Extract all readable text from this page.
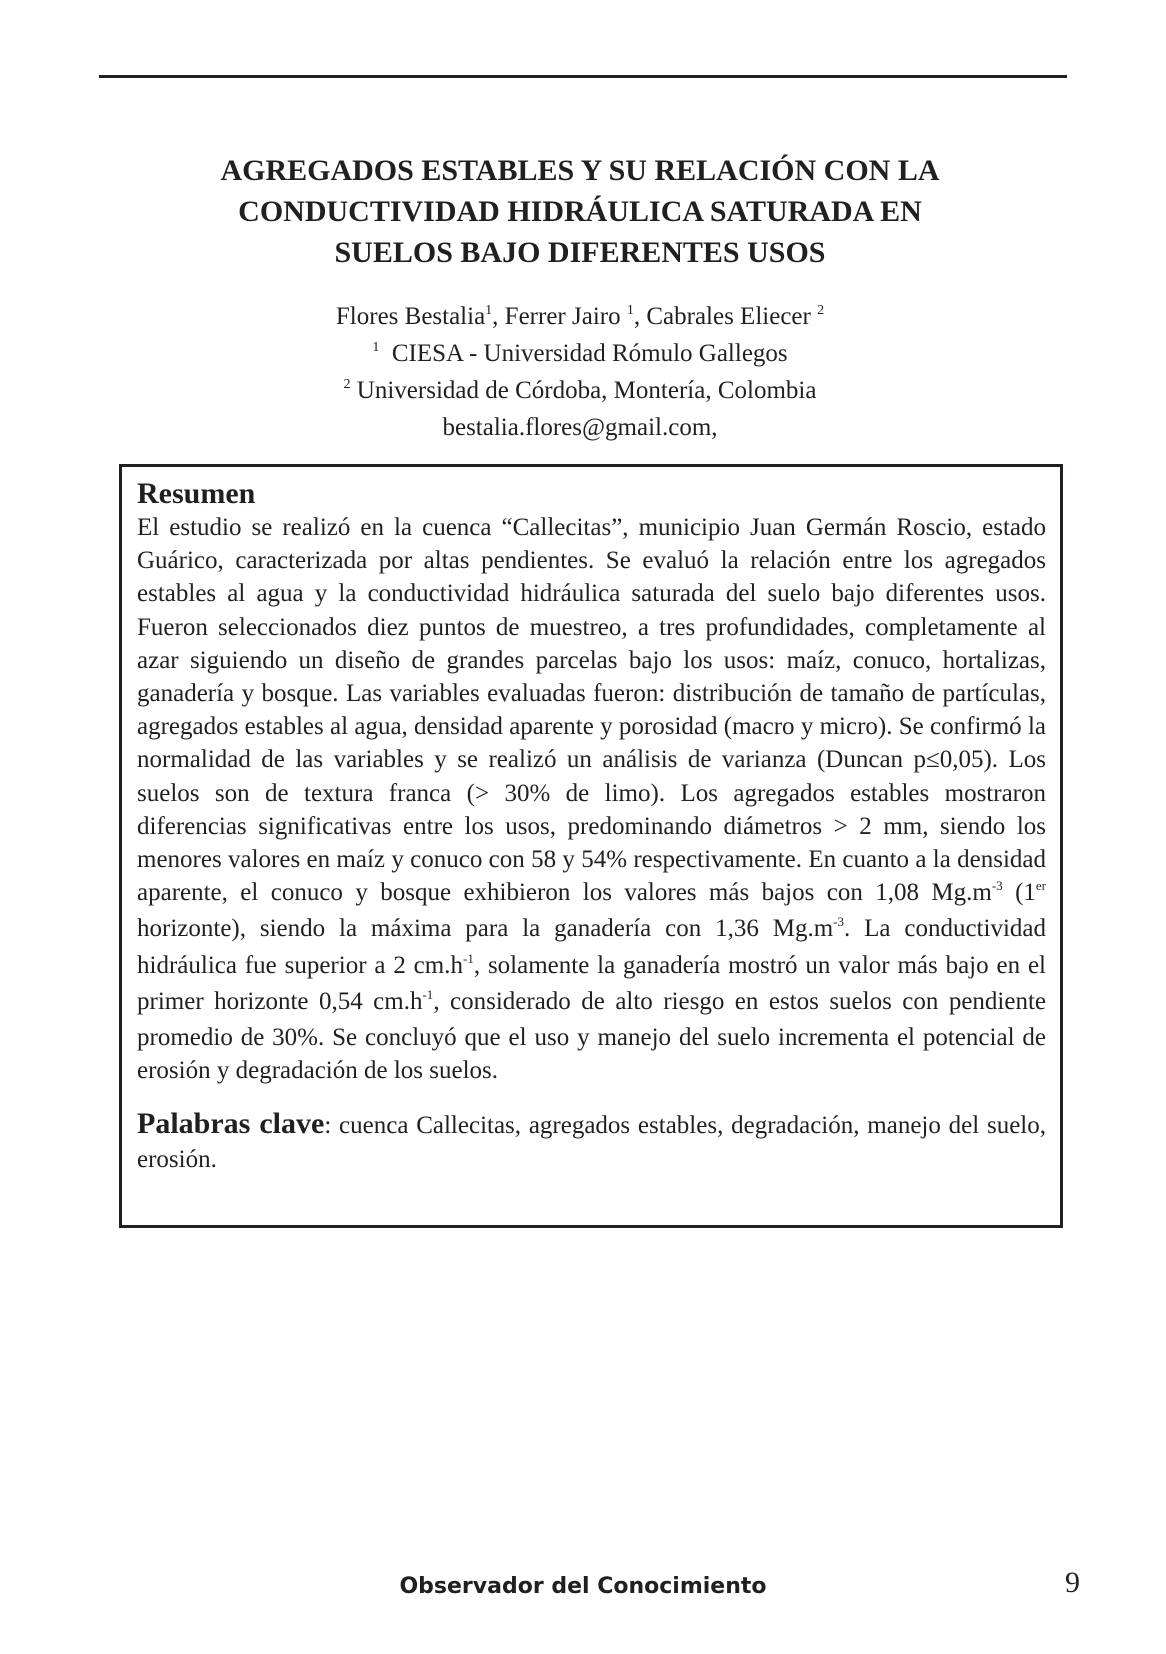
AGREGADOS ESTABLES Y SU RELACIÓN CON LA
CONDUCTIVIDAD HIDRÁULICA SATURADA EN
SUELOS BAJO DIFERENTES USOS
Flores Bestalia$^1$, Ferrer Jairo $^1$, Cabrales Eliecer $^2$
$^1$  CIESA - Universidad Rómulo Gallegos
$^2$ Universidad de Córdoba, Montería, Colombia
bestalia.flores@gmail.com,

Resumen

El estudio se realizó en la cuenca “Callecitas”, municipio Juan Germán Roscio, estado Guárico, caracterizada por altas pendientes. Se evaluó la relación entre los agregados estables al agua y la conductividad hidráulica saturada del suelo bajo diferentes usos. Fueron seleccionados diez puntos de muestreo, a tres profundidades, completamente al azar siguiendo un diseño de grandes parcelas bajo los usos: maíz, conuco, hortalizas, ganadería y bosque. Las variables evaluadas fueron: distribución de tamaño de partículas, agregados estables al agua, densidad aparente y porosidad (macro y micro). Se confirmó la normalidad de las variables y se realizó un análisis de varianza (Duncan p≤0,05). Los suelos son de textura franca (> 30% de limo). Los agregados estables mostraron diferencias significativas entre los usos, predominando diámetros > 2 mm, siendo los menores valores en maíz y conuco con 58 y 54% respectivamente. En cuanto a la densidad aparente, el conuco y bosque exhibieron los valores más bajos con 1,08 $Mg.m^{-3}$ (1er horizonte), siendo la máxima para la ganadería con 1,36 $Mg.m^{-3}$. La conductividad hidráulica fue superior a 2 $cm.h^{-1}$, solamente la ganadería mostró un valor más bajo en el primer horizonte 0,54 $cm.h^{-1}$, considerado de alto riesgo en estos suelos con pendiente promedio de 30%. Se concluyó que el uso y manejo del suelo incrementa el potencial de erosión y degradación de los suelos.

Palabras clave: cuenca Callecitas, agregados estables, degradación, manejo del suelo, erosión.

Observador del Conocimiento	9
